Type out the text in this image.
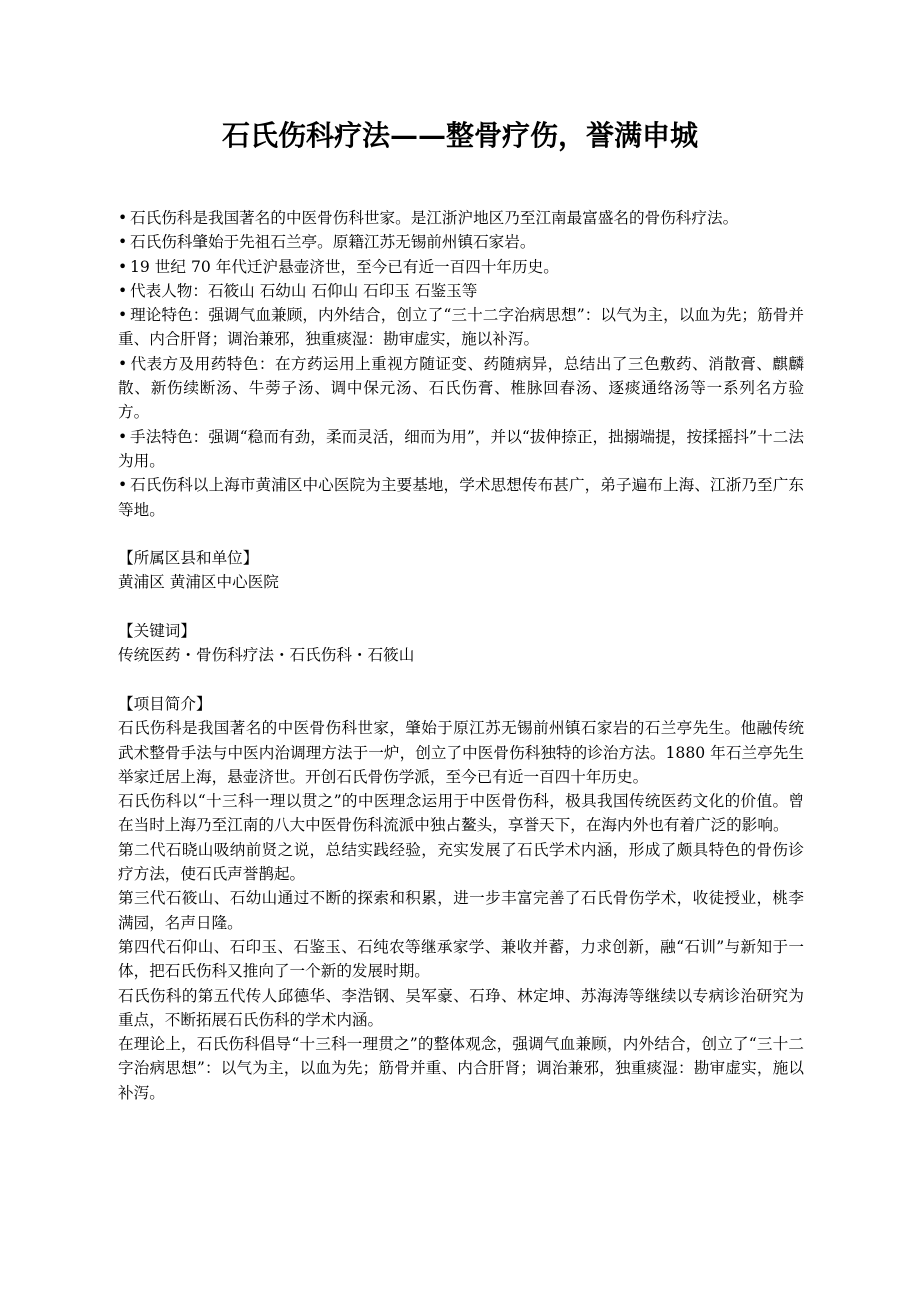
石氏伤科疗法——整骨疗伤，誉满申城

• 石氏伤科是我国著名的中医骨伤科世家。是江浙沪地区乃至江南最富盛名的骨伤科疗法。

• 石氏伤科肇始于先祖石兰亭。原籍江苏无锡前州镇石家岩。

• 19 世纪 70 年代迁沪悬壶济世，至今已有近一百四十年历史。

• 代表人物：石筱山 石幼山 石仰山 石印玉 石鉴玉等

• 理论特色：强调气血兼顾，内外结合，创立了“三十二字治病思想”：以气为主，以血为先；筋骨并重、内合肝肾；调治兼邪，独重痰湿：勘审虚实，施以补泻。

• 代表方及用药特色：在方药运用上重视方随证变、药随病异，总结出了三色敷药、消散膏、麒麟散、新伤续断汤、牛蒡子汤、调中保元汤、石氏伤膏、椎脉回春汤、逐痰通络汤等一系列名方验方。

• 手法特色：强调“稳而有劲，柔而灵活，细而为用”，并以“拔伸捺正，拙搦端提，按揉摇抖”十二法为用。

• 石氏伤科以上海市黄浦区中心医院为主要基地，学术思想传布甚广，弟子遍布上海、江浙乃至广东等地。

【所属区县和单位】

黄浦区 黄浦区中心医院

【关键词】

传统医药・骨伤科疗法・石氏伤科・石筱山

【项目简介】

石氏伤科是我国著名的中医骨伤科世家，肇始于原江苏无锡前州镇石家岩的石兰亭先生。他融传统武术整骨手法与中医内治调理方法于一炉，创立了中医骨伤科独特的诊治方法。1880 年石兰亭先生举家迁居上海，悬壶济世。开创石氏骨伤学派，至今已有近一百四十年历史。

石氏伤科以“十三科一理以贯之”的中医理念运用于中医骨伤科，极具我国传统医药文化的价值。曾在当时上海乃至江南的八大中医骨伤科流派中独占鳌头，享誉天下，在海内外也有着广泛的影响。

第二代石晓山吸纳前贤之说，总结实践经验，充实发展了石氏学术内涵，形成了颇具特色的骨伤诊疗方法，使石氏声誉鹊起。

第三代石筱山、石幼山通过不断的探索和积累，进一步丰富完善了石氏骨伤学术，收徒授业，桃李满园，名声日隆。

第四代石仰山、石印玉、石鉴玉、石纯农等继承家学、兼收并蓄，力求创新，融“石训”与新知于一体，把石氏伤科又推向了一个新的发展时期。

石氏伤科的第五代传人邱德华、李浩钢、吴军豪、石琤、林定坤、苏海涛等继续以专病诊治研究为重点，不断拓展石氏伤科的学术内涵。

在理论上，石氏伤科倡导“十三科一理贯之”的整体观念，强调气血兼顾，内外结合，创立了“三十二字治病思想”：以气为主，以血为先；筋骨并重、内合肝肾；调治兼邪，独重痰湿：勘审虚实，施以补泻。
